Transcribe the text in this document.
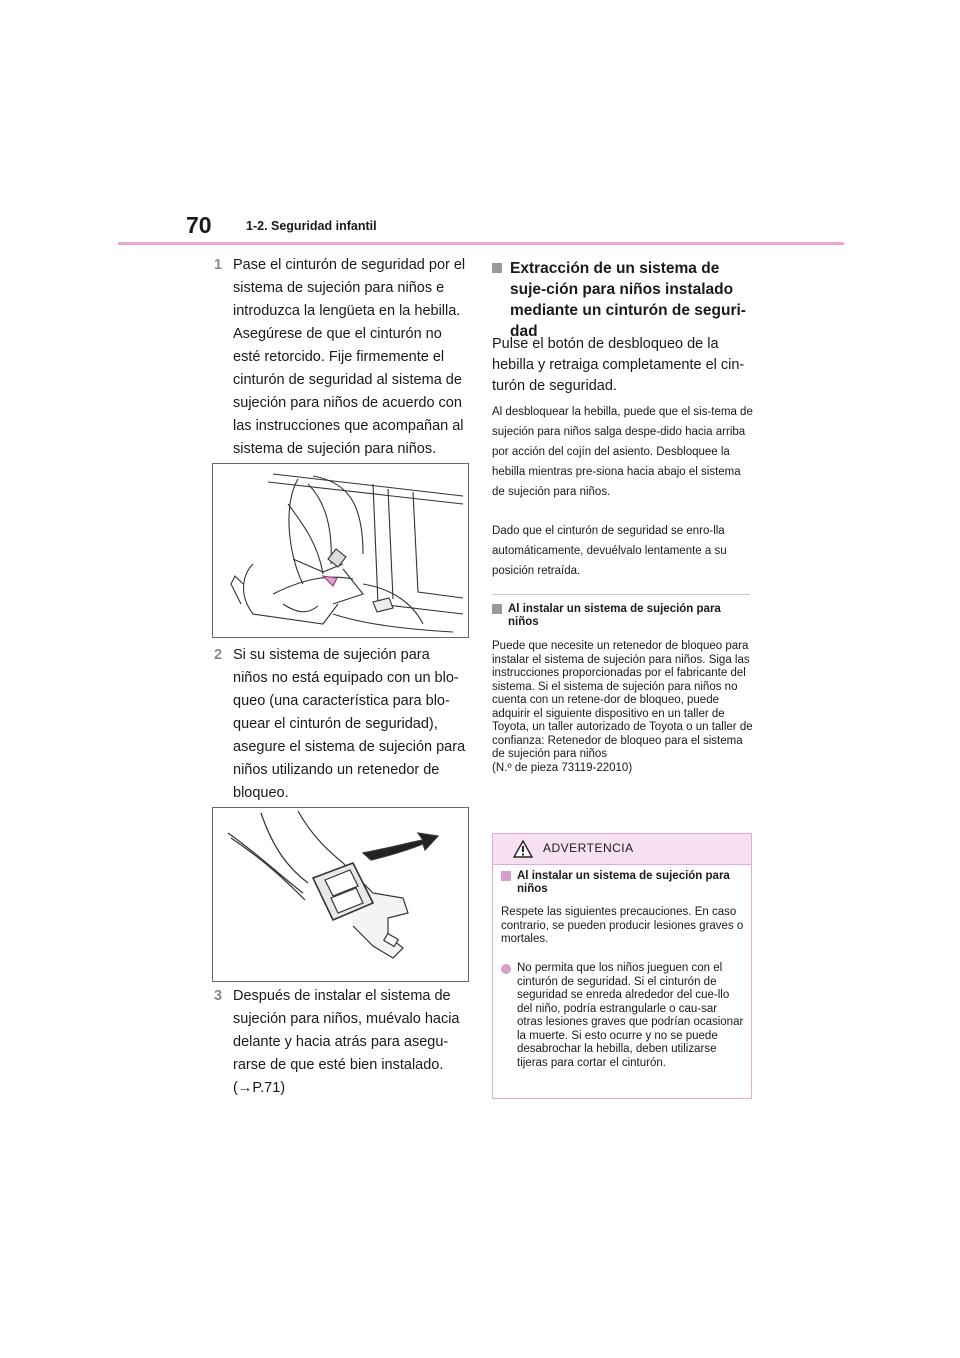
70	1-2. Seguridad infantil
1 Pase el cinturón de seguridad por el sistema de sujeción para niños e introduzca la lengüeta en la hebilla. Asegúrese de que el cinturón no esté retorcido. Fije firmemente el cinturón de seguridad al sistema de sujeción para niños de acuerdo con las instrucciones que acompañan al sistema de sujeción para niños.
2 Si su sistema de sujeción para niños no está equipado con un blo-queo (una característica para blo-quear el cinturón de seguridad), asegure el sistema de sujeción para niños utilizando un retenedor de bloqueo.
3 Después de instalar el sistema de sujeción para niños, muévalo hacia delante y hacia atrás para asegu-rarse de que esté bien instalado.
(→P.71)
Extracción de un sistema de suje-ción para niños instalado mediante un cinturón de seguri-dad
Pulse el botón de desbloqueo de la hebilla y retraiga completamente el cin-turón de seguridad.
Al desbloquear la hebilla, puede que el sis-tema de sujeción para niños salga despe-dido hacia arriba por acción del cojín del asiento. Desbloquee la hebilla mientras pre-siona hacia abajo el sistema de sujeción para niños.
Dado que el cinturón de seguridad se enro-lla automáticamente, devuélvalo lentamente a su posición retraída.
Al instalar un sistema de sujeción para niños
Puede que necesite un retenedor de bloqueo para instalar el sistema de sujeción para niños. Siga las instrucciones proporcionadas por el fabricante del sistema. Si el sistema de sujeción para niños no cuenta con un retene-dor de bloqueo, puede adquirir el siguiente dispositivo en un taller de Toyota, un taller autorizado de Toyota o un taller de confianza: Retenedor de bloqueo para el sistema de sujeción para niños
(N.º de pieza 73119-22010)
ADVERTENCIA
Al instalar un sistema de sujeción para niños
Respete las siguientes precauciones. En caso contrario, se pueden producir lesiones graves o mortales.
No permita que los niños jueguen con el cinturón de seguridad. Si el cinturón de seguridad se enreda alrededor del cue-llo del niño, podría estrangularle o cau-sar otras lesiones graves que podrían ocasionar la muerte. Si esto ocurre y no se puede desabrochar la hebilla, deben utilizarse tijeras para cortar el cinturón.
